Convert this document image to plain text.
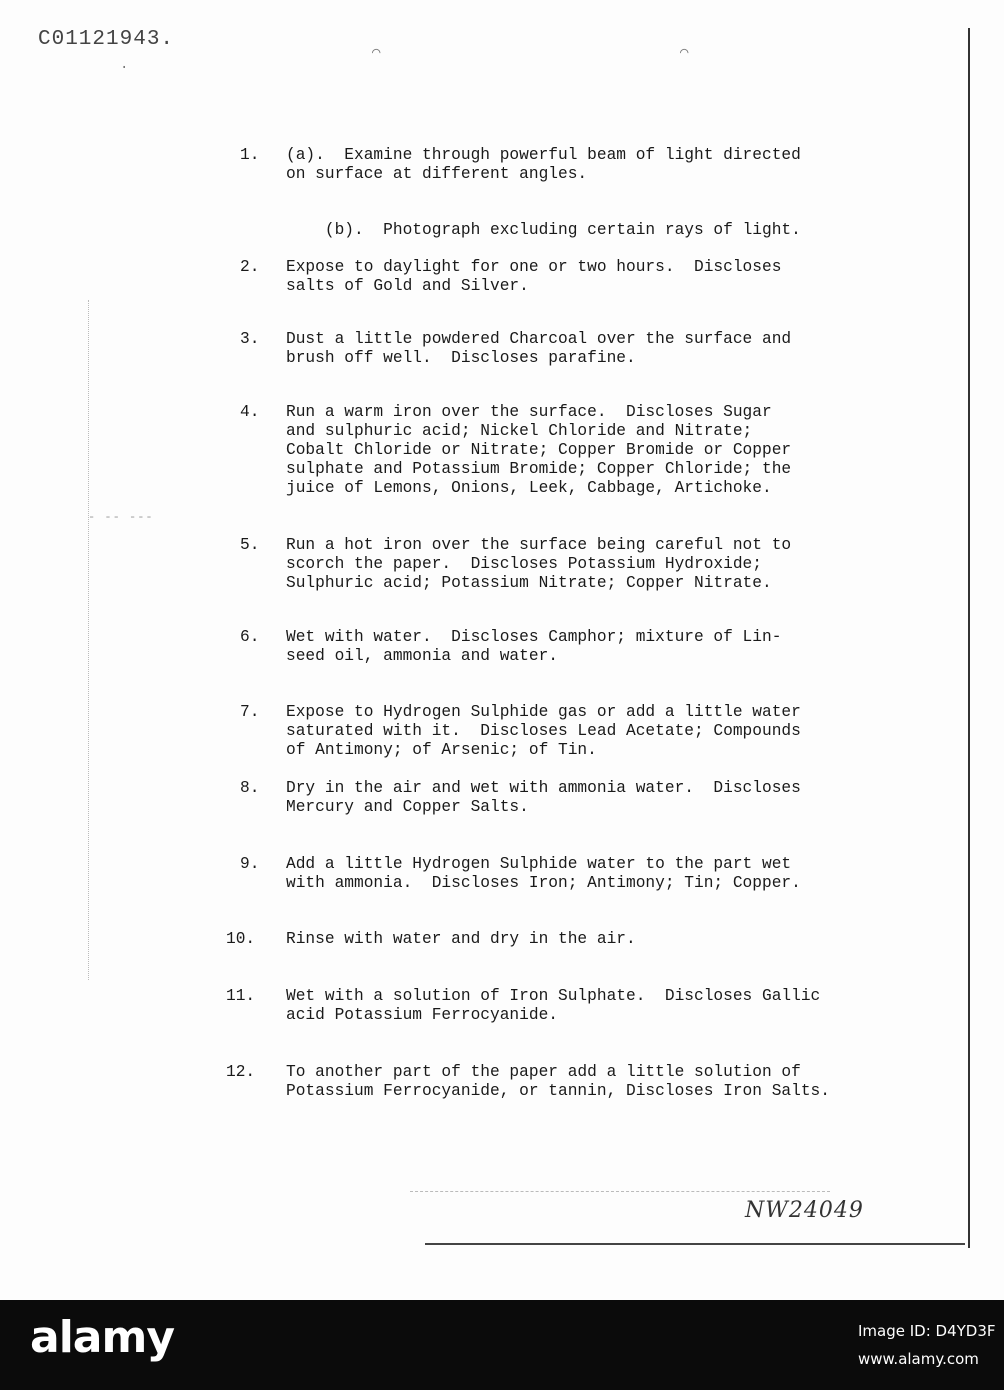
C01121943.
⌒	⌒
·
- -- ---

1.

	(a).  Examine through powerful beam of light directed
on surface at different angles.

(b).  Photograph excluding certain rays of light.

2.

	Expose to daylight for one or two hours.  Discloses
salts of Gold and Silver.

3.

	Dust a little powdered Charcoal over the surface and
brush off well.  Discloses parafine.

4.

	Run a warm iron over the surface.  Discloses Sugar
and sulphuric acid; Nickel Chloride and Nitrate;
Cobalt Chloride or Nitrate; Copper Bromide or Copper
sulphate and Potassium Bromide; Copper Chloride; the
juice of Lemons, Onions, Leek, Cabbage, Artichoke.

5.

	Run a hot iron over the surface being careful not to
scorch the paper.  Discloses Potassium Hydroxide;
Sulphuric acid; Potassium Nitrate; Copper Nitrate.

6.

	Wet with water.  Discloses Camphor; mixture of Lin-
seed oil, ammonia and water.

7.

	Expose to Hydrogen Sulphide gas or add a little water
saturated with it.  Discloses Lead Acetate; Compounds
of Antimony; of Arsenic; of Tin.

8.

	Dry in the air and wet with ammonia water.  Discloses
Mercury and Copper Salts.

9.

	Add a little Hydrogen Sulphide water to the part wet
with ammonia.  Discloses Iron; Antimony; Tin; Copper.

10.

	Rinse with water and dry in the air.

11.

	Wet with a solution of Iron Sulphate.  Discloses Gallic
acid Potassium Ferrocyanide.

12.

	To another part of the paper add a little solution of
Potassium Ferrocyanide, or tannin, Discloses Iron Salts.

NW24049
alamy	Image ID: D4YD3F
www.alamy.com
